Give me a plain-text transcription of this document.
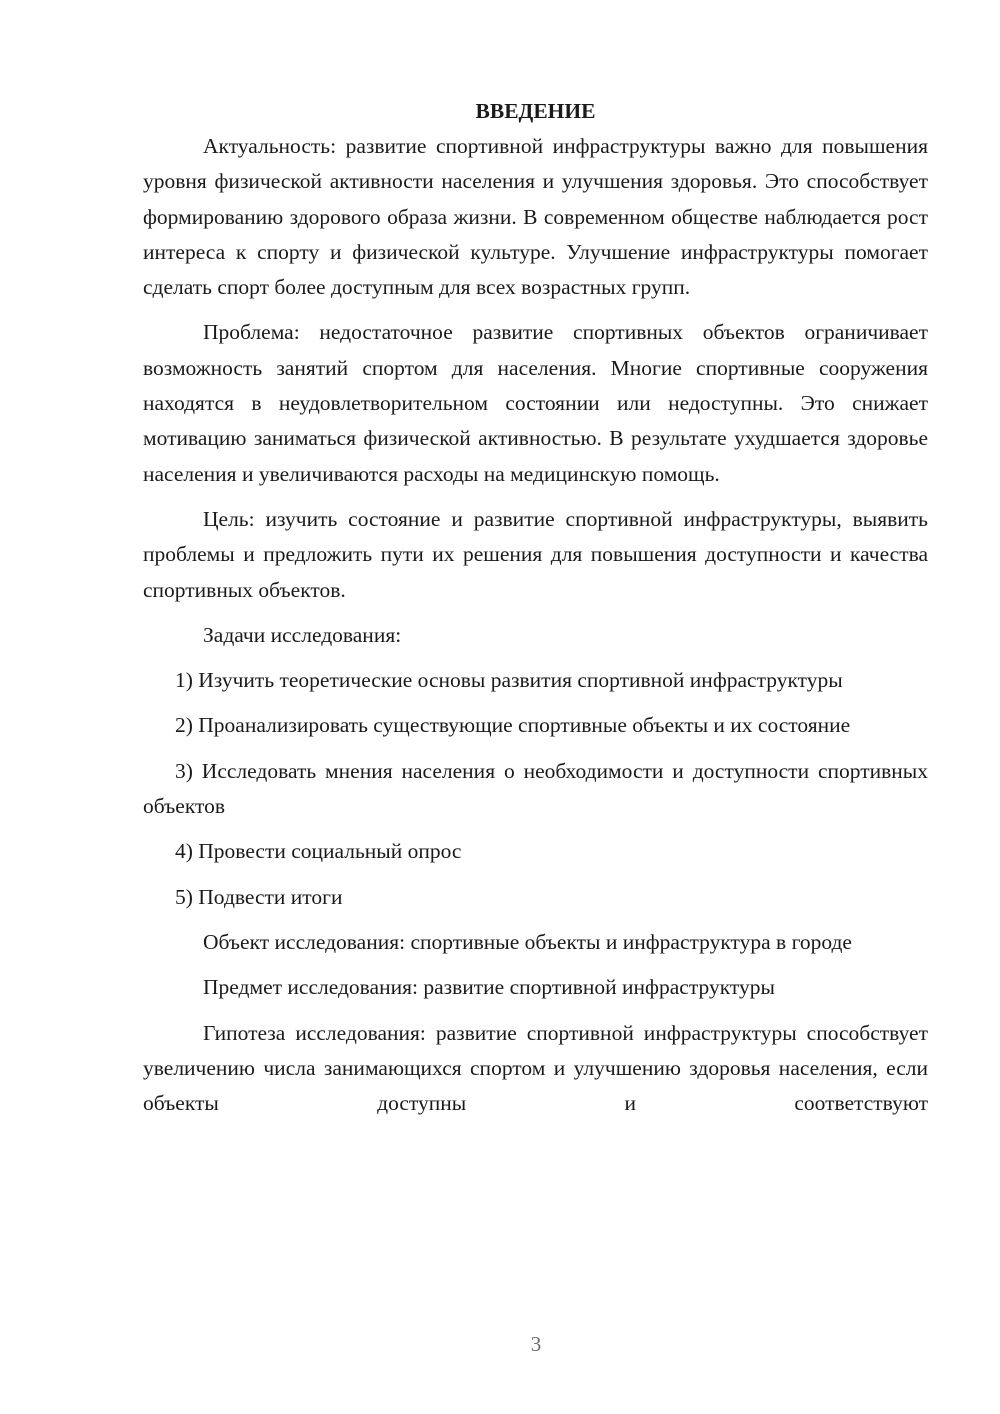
ВВЕДЕНИЕ

Актуальность: развитие спортивной инфраструктуры важно для повышения уровня физической активности населения и улучшения здоровья. Это способствует формированию здорового образа жизни. В современном обществе наблюдается рост интереса к спорту и физической культуре. Улучшение инфраструктуры помогает сделать спорт более доступным для всех возрастных групп.

Проблема: недостаточное развитие спортивных объектов ограничивает возможность занятий спортом для населения. Многие спортивные сооружения находятся в неудовлетворительном состоянии или недоступны. Это снижает мотивацию заниматься физической активностью. В результате ухудшается здоровье населения и увеличиваются расходы на медицинскую помощь.

Цель: изучить состояние и развитие спортивной инфраструктуры, выявить проблемы и предложить пути их решения для повышения доступности и качества спортивных объектов.

Задачи исследования:

1) Изучить теоретические основы развития спортивной инфраструктуры

2) Проанализировать существующие спортивные объекты и их состояние

3) Исследовать мнения населения о необходимости и доступности спортивных объектов

4) Провести социальный опрос

5) Подвести итоги

Объект исследования: спортивные объекты и инфраструктура в городе

Предмет исследования: развитие спортивной инфраструктуры

Гипотеза исследования: развитие спортивной инфраструктуры способствует увеличению числа занимающихся спортом и улучшению здоровья населения, если объекты доступны и соответствуют

3
